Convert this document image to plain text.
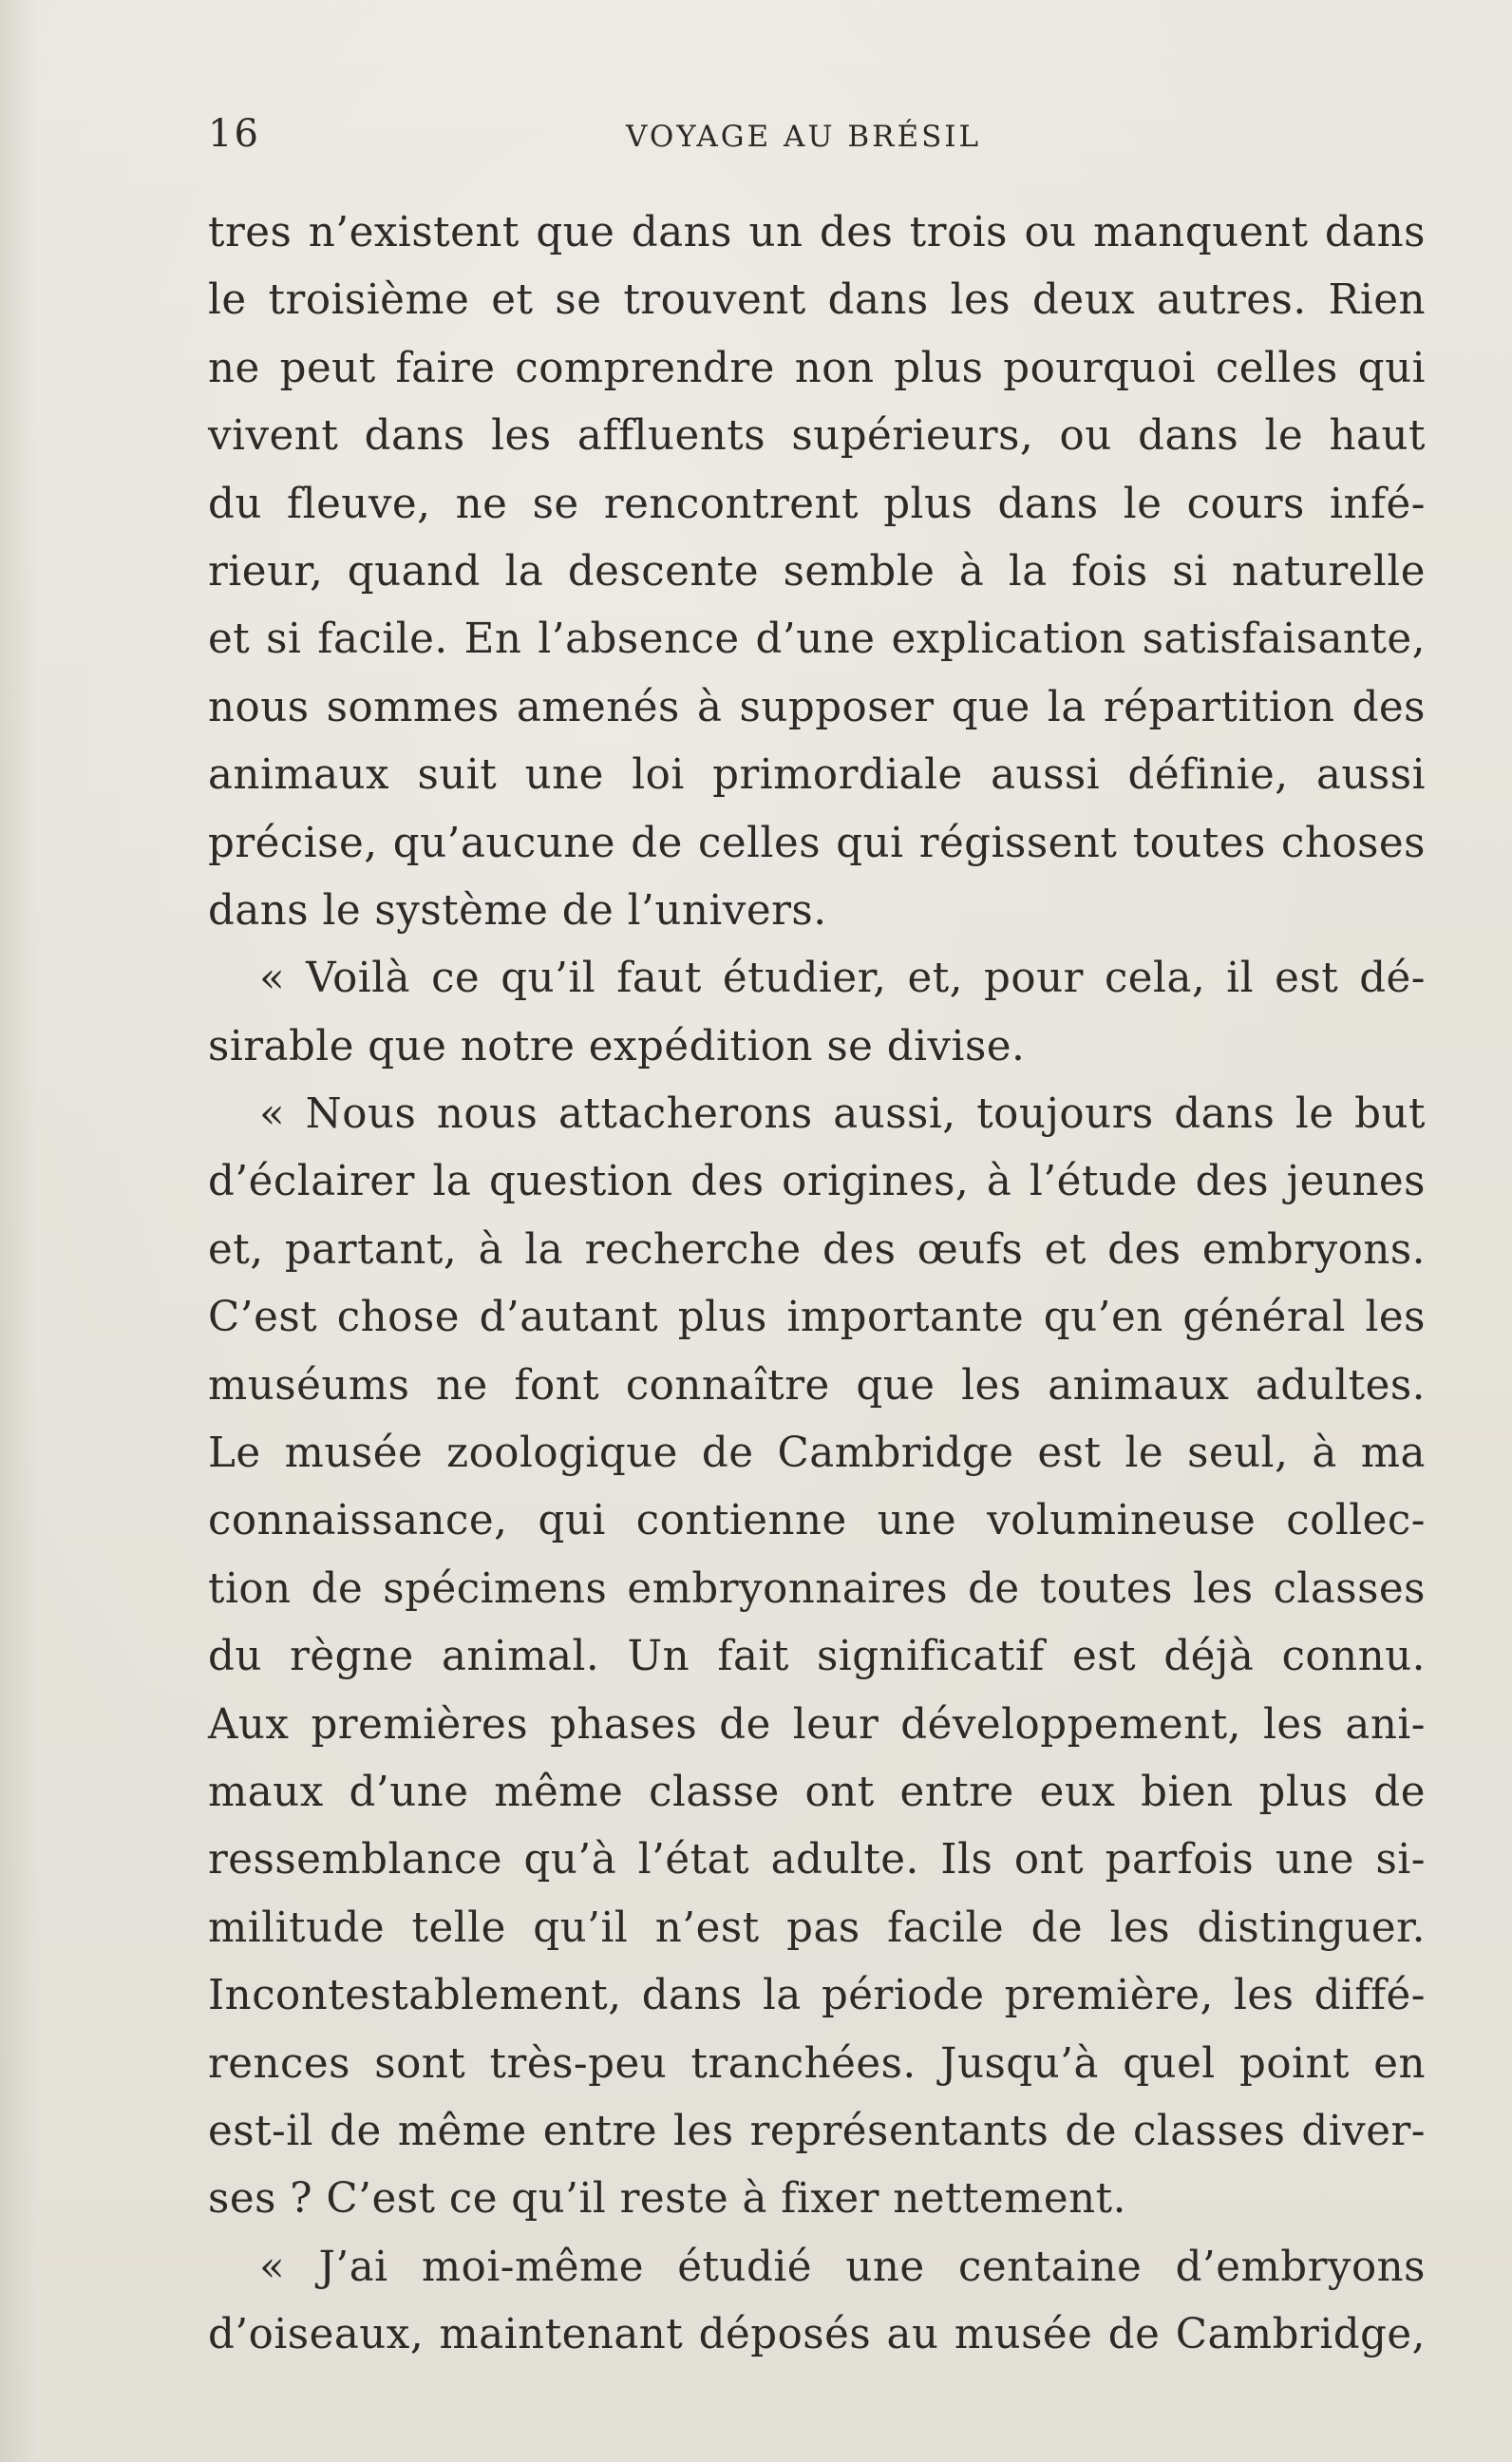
16	VOYAGE AU BRÉSIL
tres n’existent que dans un des trois ou manquent dans
le troisième et se trouvent dans les deux autres. Rien
ne peut faire comprendre non plus pourquoi celles qui
vivent dans les affluents supérieurs, ou dans le haut
du fleuve, ne se rencontrent plus dans le cours infé-
rieur, quand la descente semble à la fois si naturelle
et si facile. En l’absence d’une explication satisfaisante,
nous sommes amenés à supposer que la répartition des
animaux suit une loi primordiale aussi définie, aussi
précise, qu’aucune de celles qui régissent toutes choses
dans le système de l’univers.
« Voilà ce qu’il faut étudier, et, pour cela, il est dé-
sirable que notre expédition se divise.
« Nous nous attacherons aussi, toujours dans le but
d’éclairer la question des origines, à l’étude des jeunes
et, partant, à la recherche des œufs et des embryons.
C’est chose d’autant plus importante qu’en général les
muséums ne font connaître que les animaux adultes.
Le musée zoologique de Cambridge est le seul, à ma
connaissance, qui contienne une volumineuse collec-
tion de spécimens embryonnaires de toutes les classes
du règne animal. Un fait significatif est déjà connu.
Aux premières phases de leur développement, les ani-
maux d’une même classe ont entre eux bien plus de
ressemblance qu’à l’état adulte. Ils ont parfois une si-
militude telle qu’il n’est pas facile de les distinguer.
Incontestablement, dans la période première, les diffé-
rences sont très-peu tranchées. Jusqu’à quel point en
est-il de même entre les représentants de classes diver-
ses ? C’est ce qu’il reste à fixer nettement.
« J’ai moi-même étudié une centaine d’embryons
d’oiseaux, maintenant déposés au musée de Cambridge,
